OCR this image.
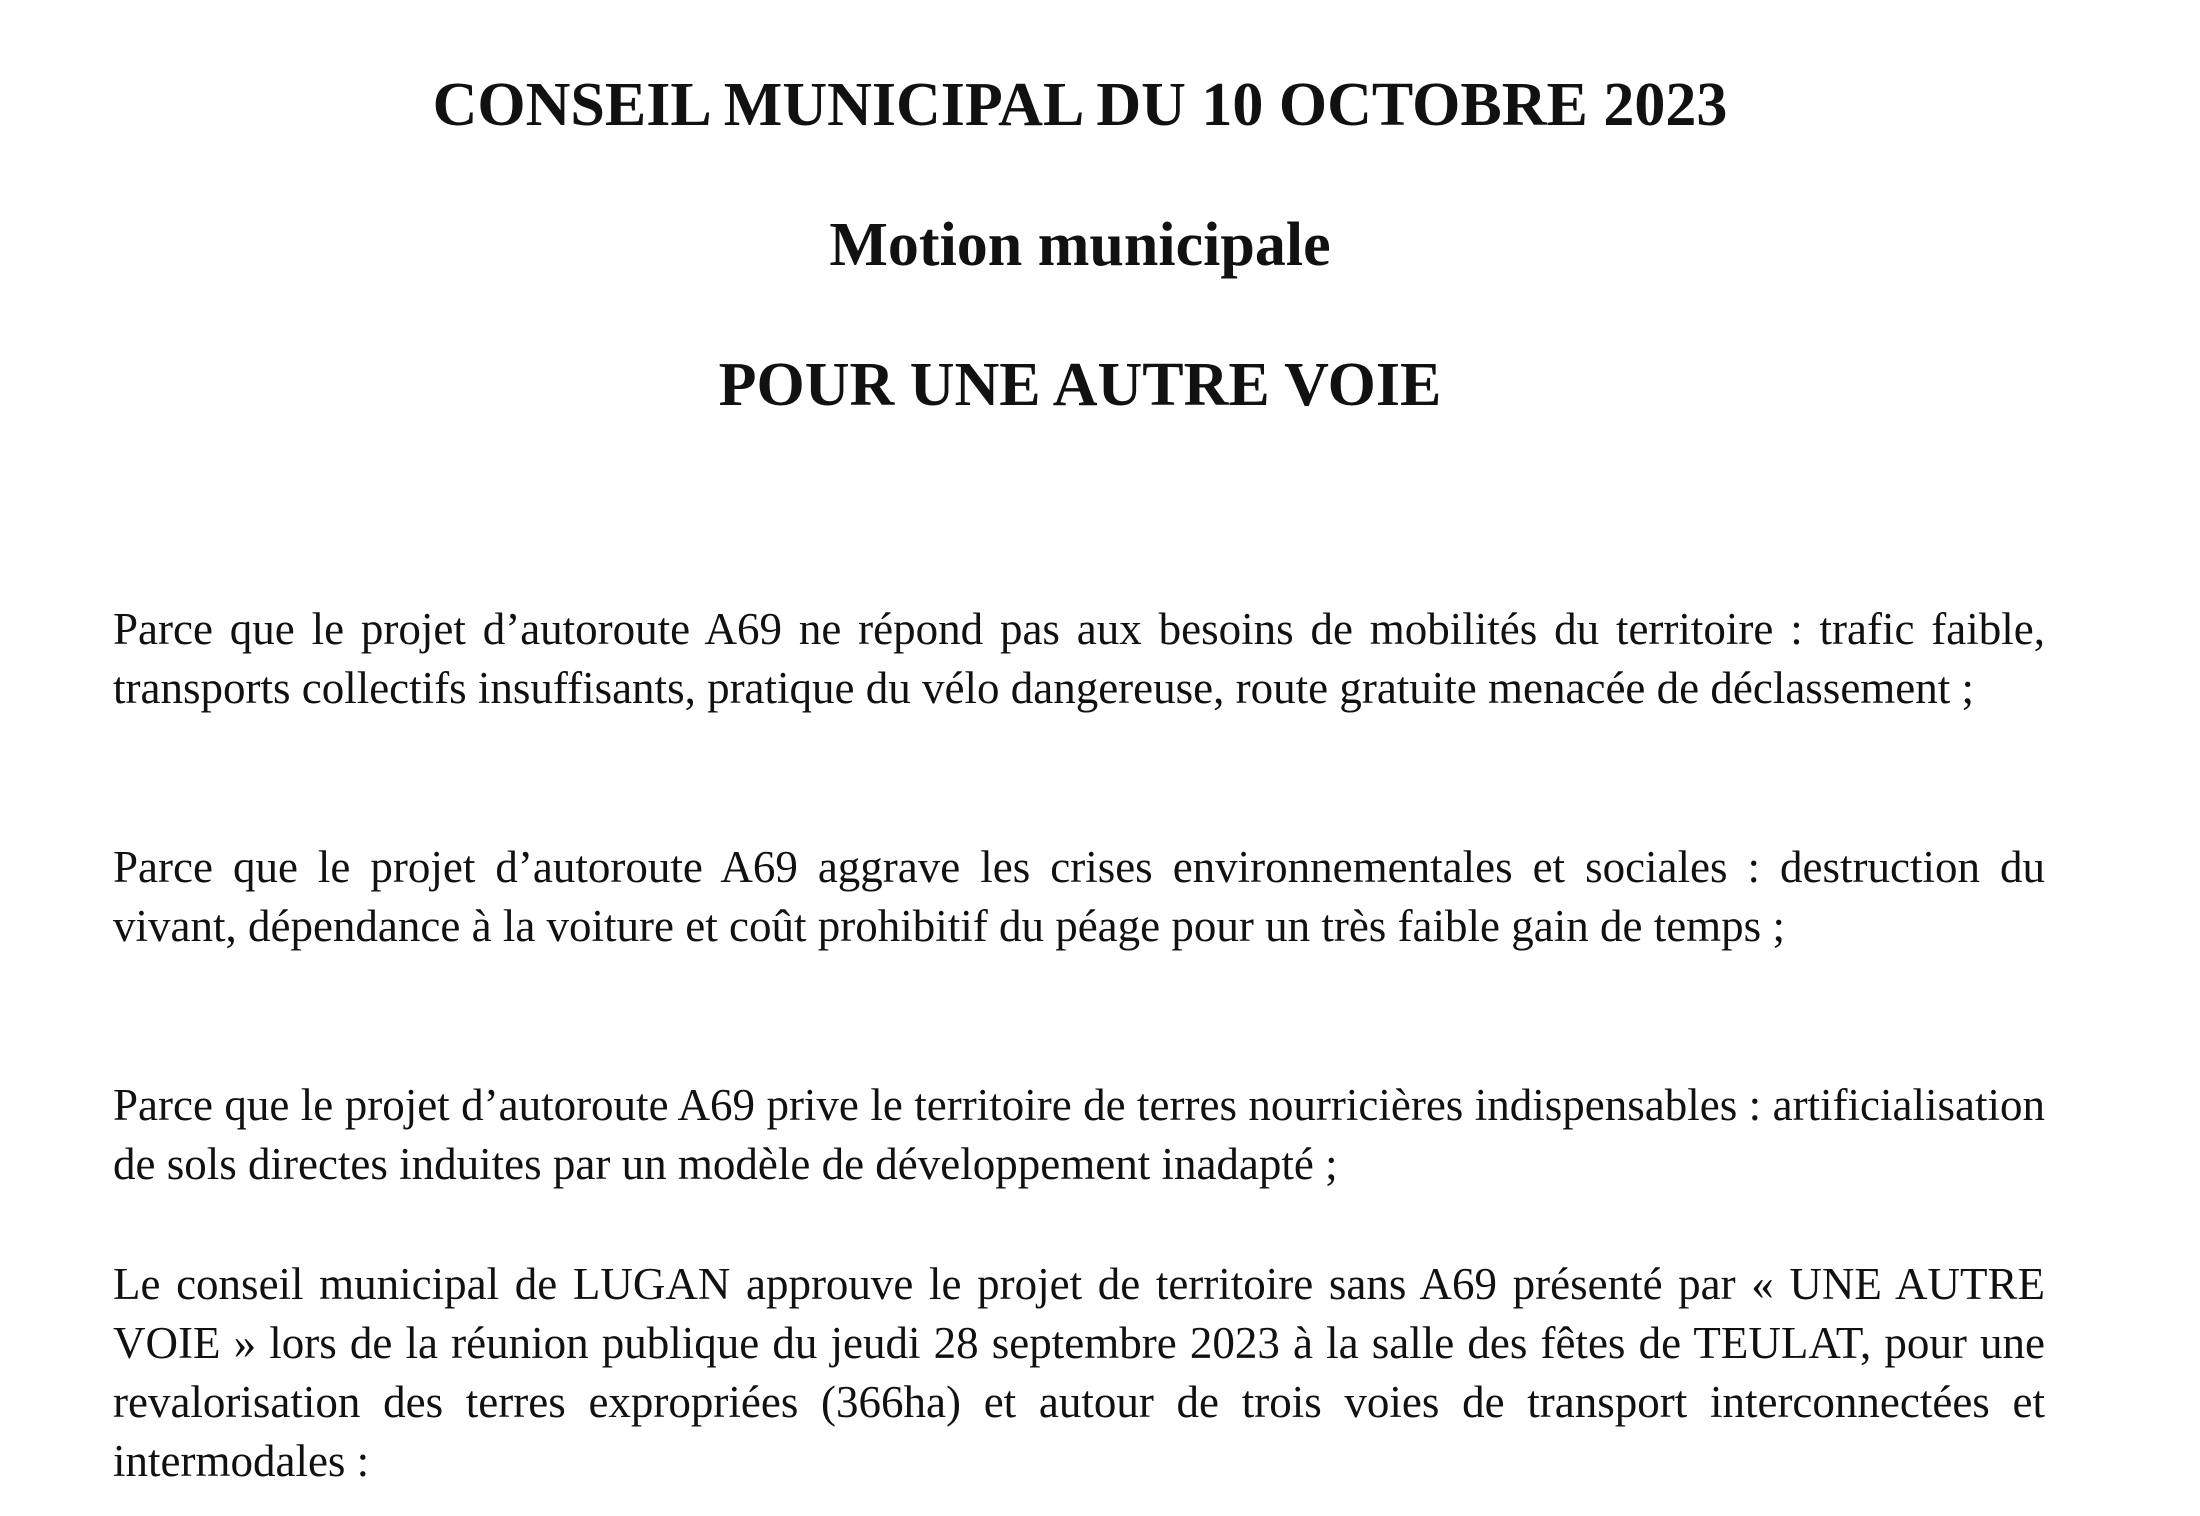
CONSEIL MUNICIPAL DU 10 OCTOBRE 2023
Motion municipale
POUR UNE AUTRE VOIE

Parce que le projet d’autoroute A69 ne répond pas aux besoins de mobilités du territoire : trafic faible, transports collectifs insuffisants, pratique du vélo dangereuse, route gratuite menacée de déclassement ;

Parce que le projet d’autoroute A69 aggrave les crises environnementales et sociales : destruction du vivant, dépendance à la voiture et coût prohibitif du péage pour un très faible gain de temps ;

Parce que le projet d’autoroute A69 prive le territoire de terres nourricières indispensables : artificialisation de sols directes induites par un modèle de développement inadapté ;

Le conseil municipal de LUGAN approuve le projet de territoire sans A69 présenté par « UNE AUTRE VOIE » lors de la réunion publique du jeudi 28 septembre 2023 à la salle des fêtes de TEULAT, pour une revalorisation des terres expropriées (366ha) et autour de trois voies de transport interconnectées et intermodales :
